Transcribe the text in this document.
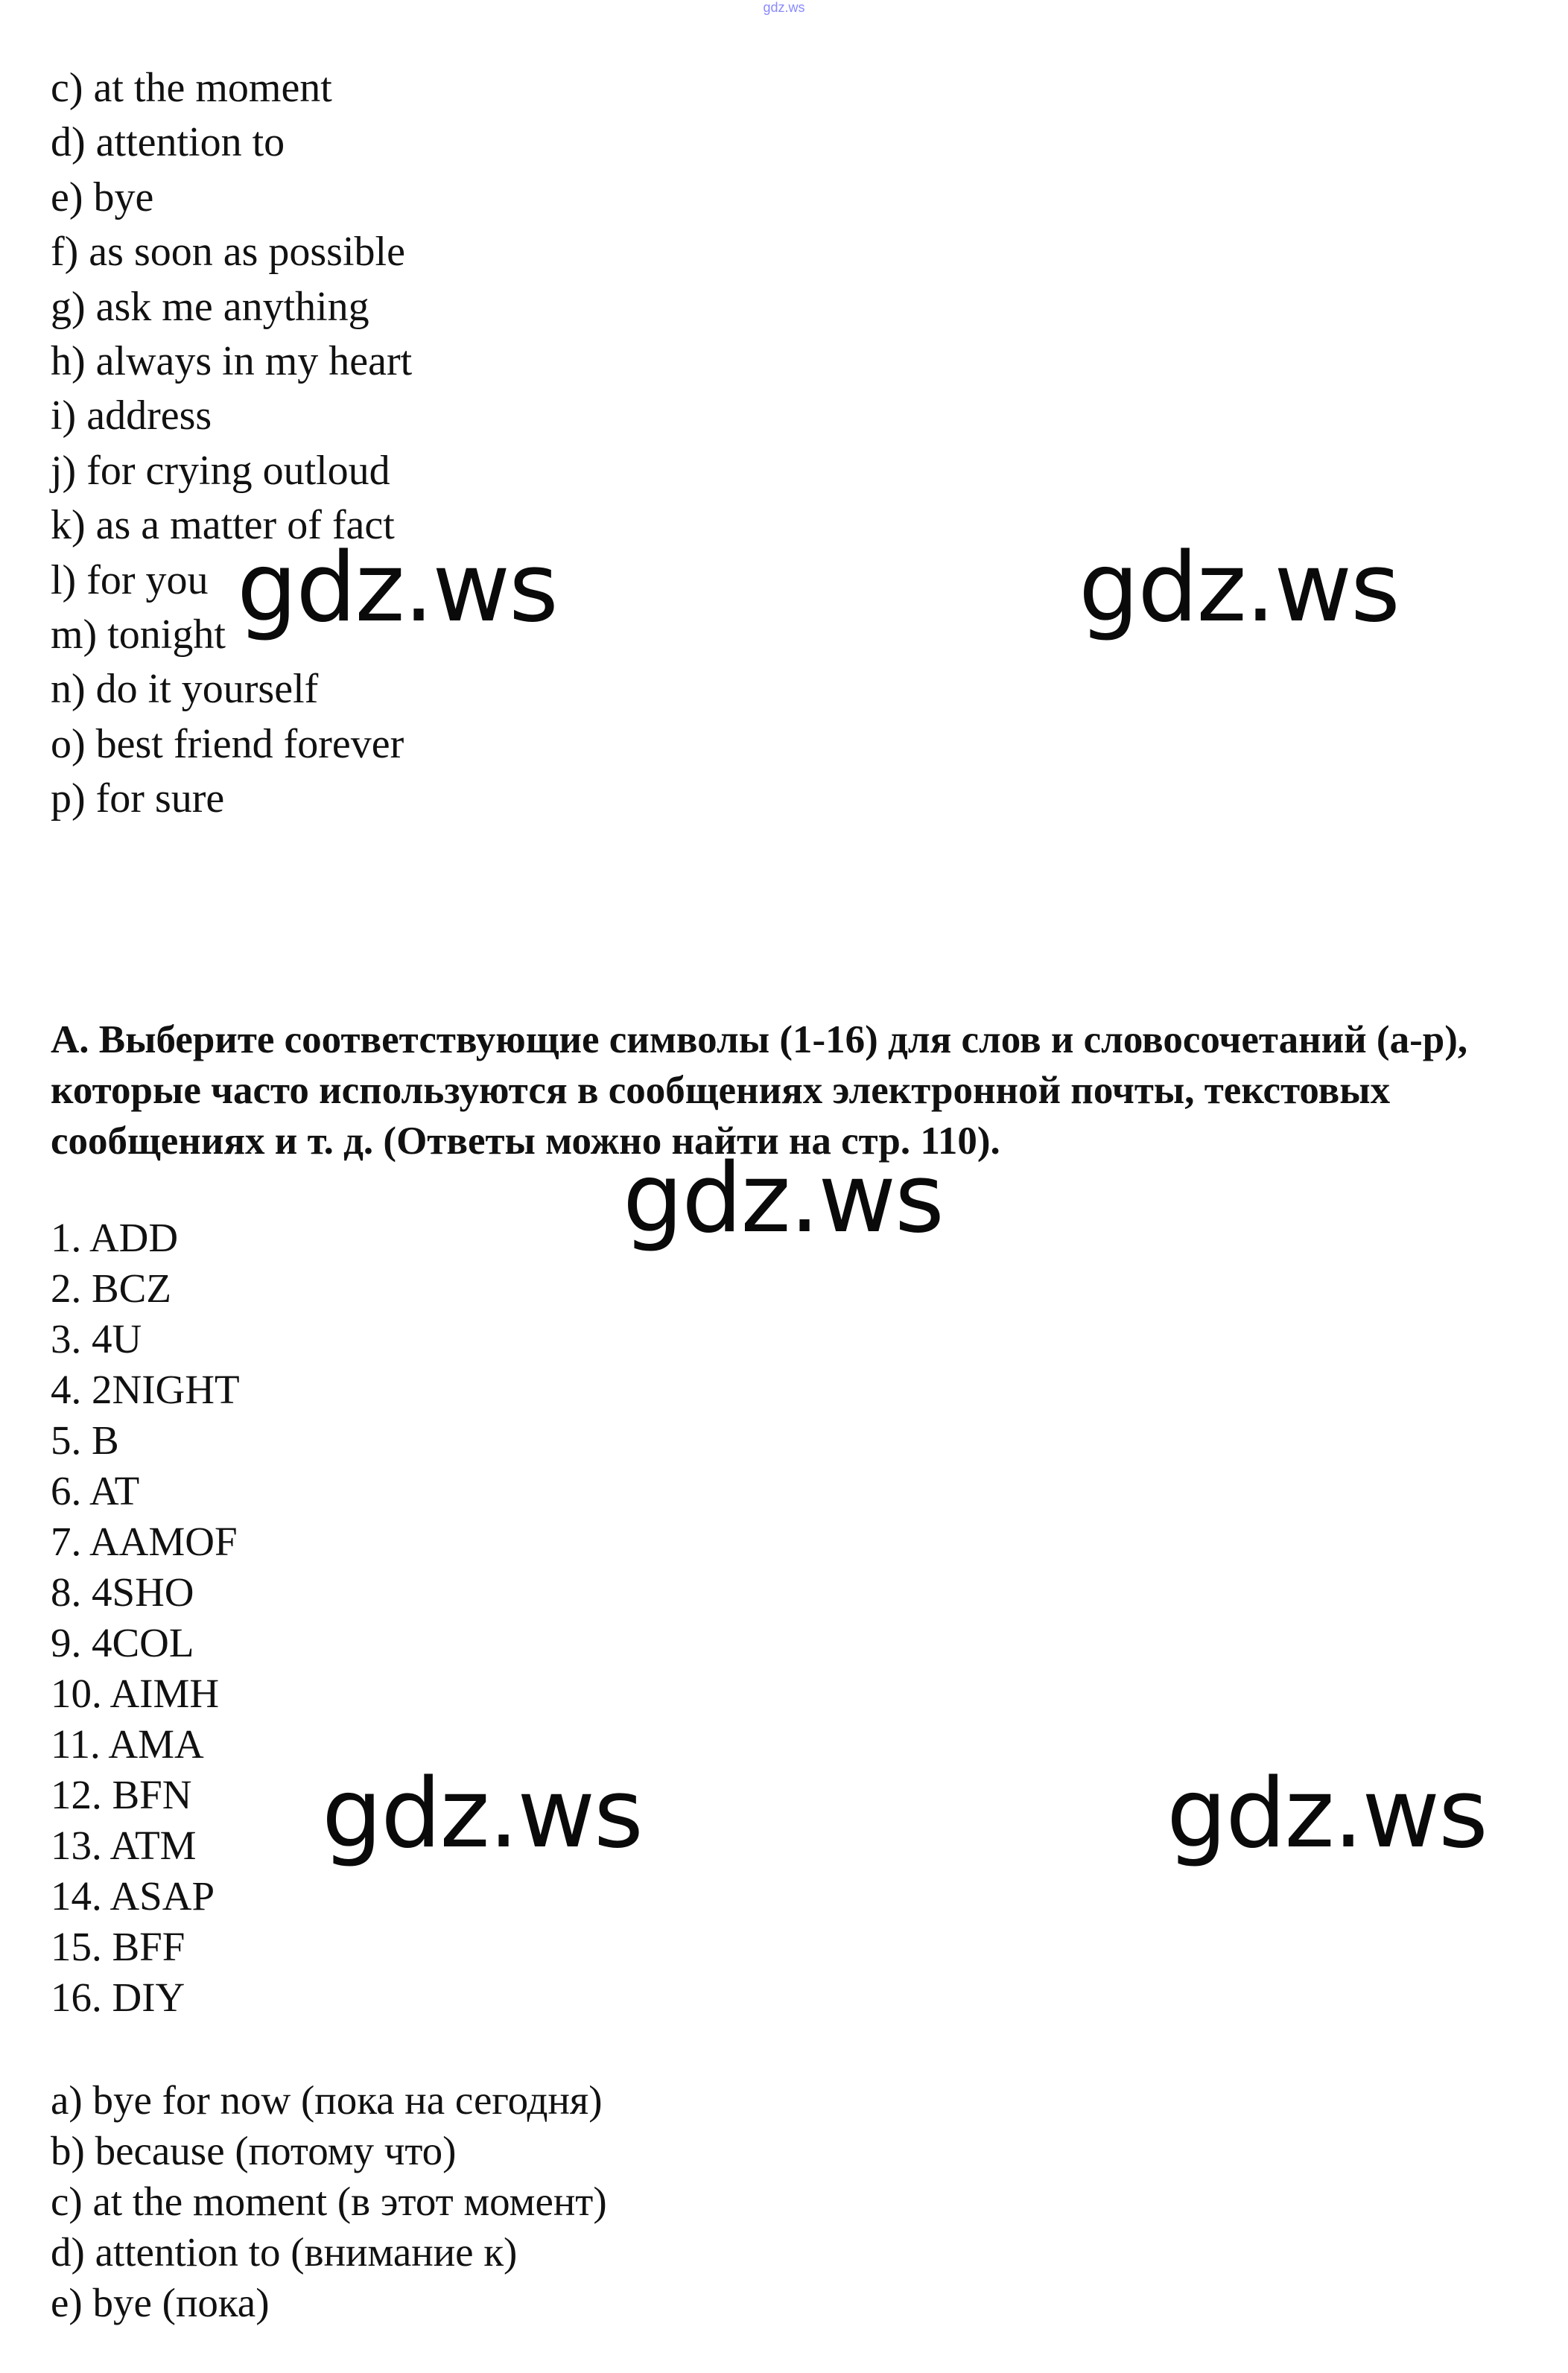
gdz.ws
c) at the moment
d) attention to
e) bye
f) as soon as possible
g) ask me anything
h) always in my heart
i) address
j) for crying outloud
k) as a matter of fact
l) for you
m) tonight
n) do it yourself
o) best friend forever
p) for sure

A. Выберите соответствующие символы (1-16) для слов и словосочетаний (a-p), которые часто используются в сообщениях электронной почты, текстовых сообщениях и т. д. (Ответы можно найти на стр. 110).

1. ADD
2. BCZ
3. 4U
4. 2NIGHT
5. B
6. AT
7. AAMOF
8. 4SHO
9. 4COL
10. AIMH
11. AMA
12. BFN
13. ATM
14. ASAP
15. BFF
16. DIY
a) bye for now (пока на сегодня)
b) because (потому что)
c) at the moment (в этот момент)
d) attention to (внимание к)
e) bye (пока)
gdz.ws	gdz.ws
gdz.ws
gdz.ws	gdz.ws
